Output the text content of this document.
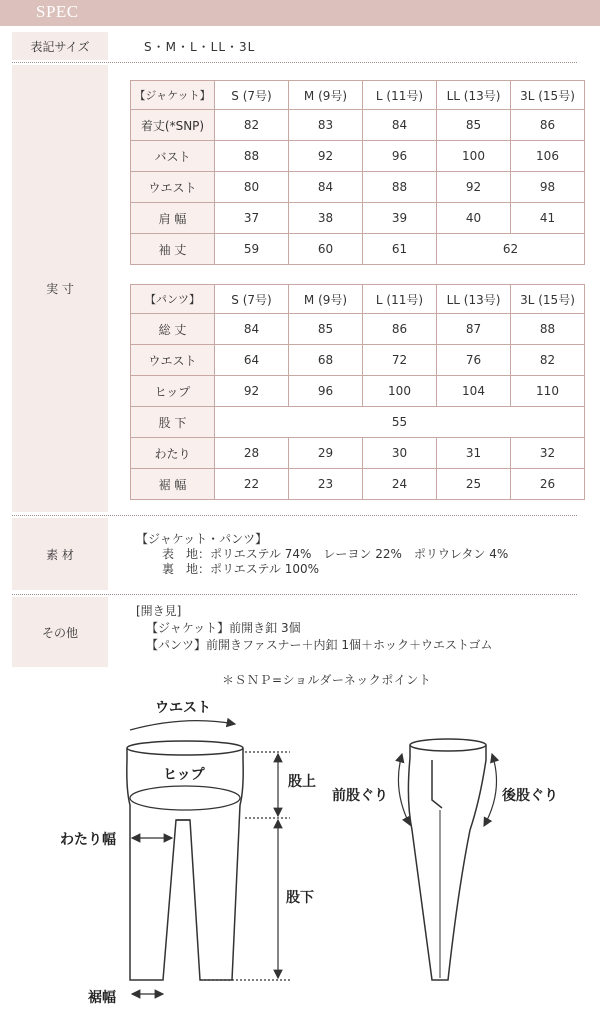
SPEC
表記サイズ	S・M・L・LL・3L
実 寸
【ジャケット】	S (7号)	M (9号)	L (11号)	LL (13号)	3L (15号)
着丈(*SNP)	82	83	84	85	86
バスト	88	92	96	100	106
ウエスト	80	84	88	92	98
肩 幅	37	38	39	40	41
袖 丈	59	60	61	62	
【パンツ】	S (7号)	M (9号)	L (11号)	LL (13号)	3L (15号)
総 丈	84	85	86	87	88
ウエスト	64	68	72	76	82
ヒップ	92	96	100	104	110
股 下	55				
わたり	28	29	30	31	32
裾 幅	22	23	24	25	26
素 材
【ジャケット・パンツ】
表　地：ポリエステル 74%　レーヨン 22%　ポリウレタン 4%
裏　地：ポリエステル 100%
その他
[開き見]
【ジャケット】前開き釦 3個
【パンツ】前開きファスナー＋内釦 1個＋ホック＋ウエストゴム
＊ＳＮＰ=ショルダーネックポイント
ウエスト
ヒップ	股上
股下
わたり幅
裾幅
前股ぐり	後股ぐり
